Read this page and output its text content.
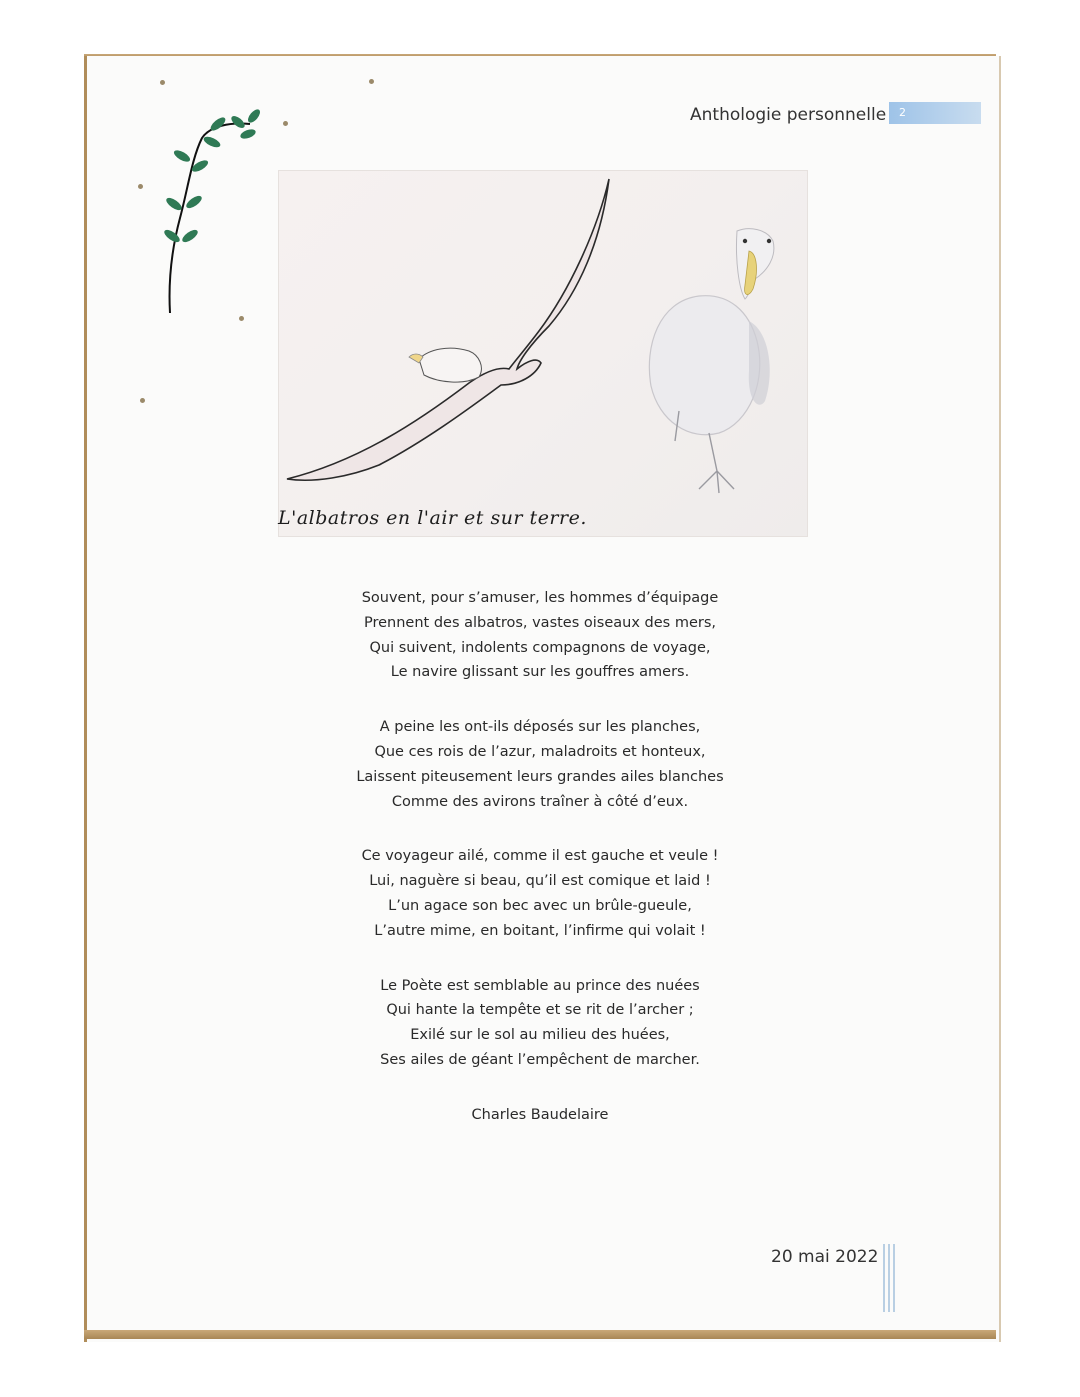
Anthologie personnelle	2
L'albatros en l'air et sur terre.
Souvent, pour s’amuser, les hommes d’équipage
Prennent des albatros, vastes oiseaux des mers,
Qui suivent, indolents compagnons de voyage,
Le navire glissant sur les gouffres amers.
A peine les ont-ils déposés sur les planches,
Que ces rois de l’azur, maladroits et honteux,
Laissent piteusement leurs grandes ailes blanches
Comme des avirons traîner à côté d’eux.
Ce voyageur ailé, comme il est gauche et veule !
Lui, naguère si beau, qu’il est comique et laid !
L’un agace son bec avec un brûle-gueule,
L’autre mime, en boitant, l’infirme qui volait !
Le Poète est semblable au prince des nuées
Qui hante la tempête et se rit de l’archer ;
Exilé sur le sol au milieu des huées,
Ses ailes de géant l’empêchent de marcher.
Charles Baudelaire
20 mai 2022
